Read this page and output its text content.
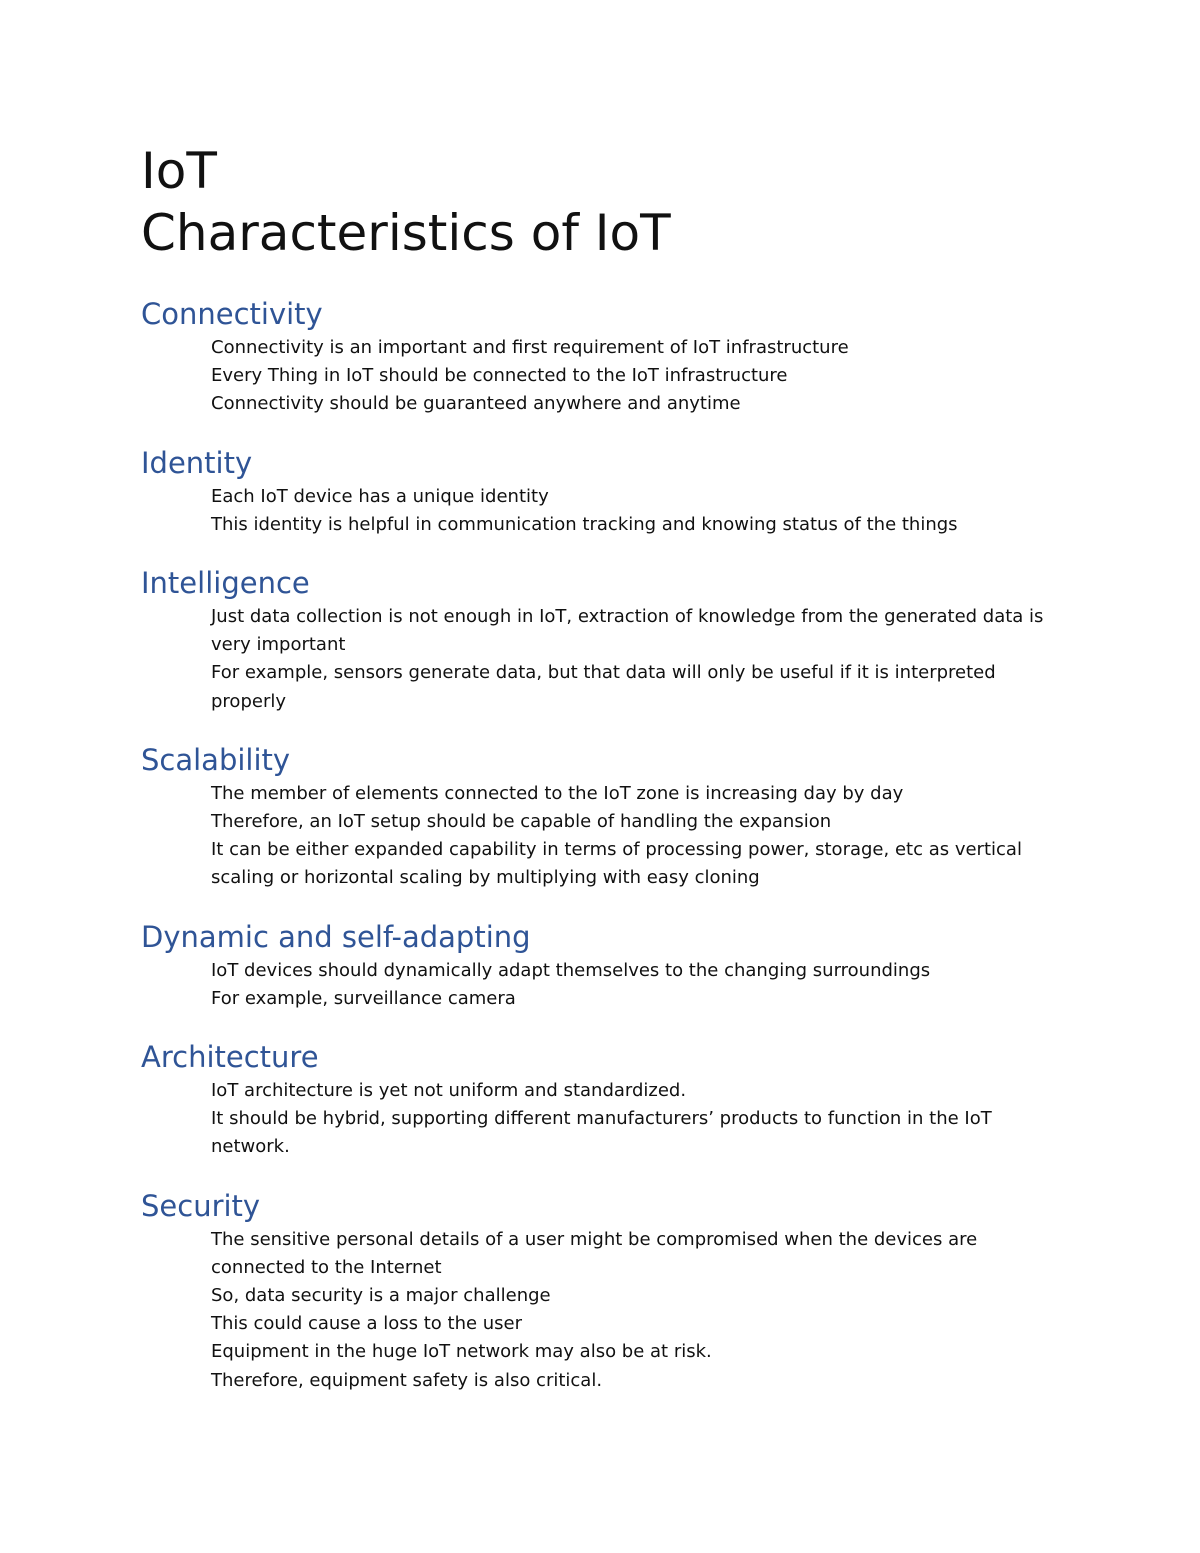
IoT
Characteristics of IoT
Connectivity
Connectivity is an important and first requirement of IoT infrastructure
Every Thing in IoT should be connected to the IoT infrastructure
Connectivity should be guaranteed anywhere and anytime
Identity
Each IoT device has a unique identity
This identity is helpful in communication tracking and knowing status of the things
Intelligence
Just data collection is not enough in IoT, extraction of knowledge from the generated data is very important
For example, sensors generate data, but that data will only be useful if it is interpreted properly
Scalability
The member of elements connected to the IoT zone is increasing day by day
Therefore, an IoT setup should be capable of handling the expansion
It can be either expanded capability in terms of processing power, storage, etc as vertical scaling or horizontal scaling by multiplying with easy cloning
Dynamic and self-adapting
IoT devices should dynamically adapt themselves to the changing surroundings
For example, surveillance camera
Architecture
IoT architecture is yet not uniform and standardized.
It should be hybrid, supporting different manufacturers’ products to function in the IoT network.
Security
The sensitive personal details of a user might be compromised when the devices are connected to the Internet
So, data security is a major challenge
This could cause a loss to the user
Equipment in the huge IoT network may also be at risk.
Therefore, equipment safety is also critical.
